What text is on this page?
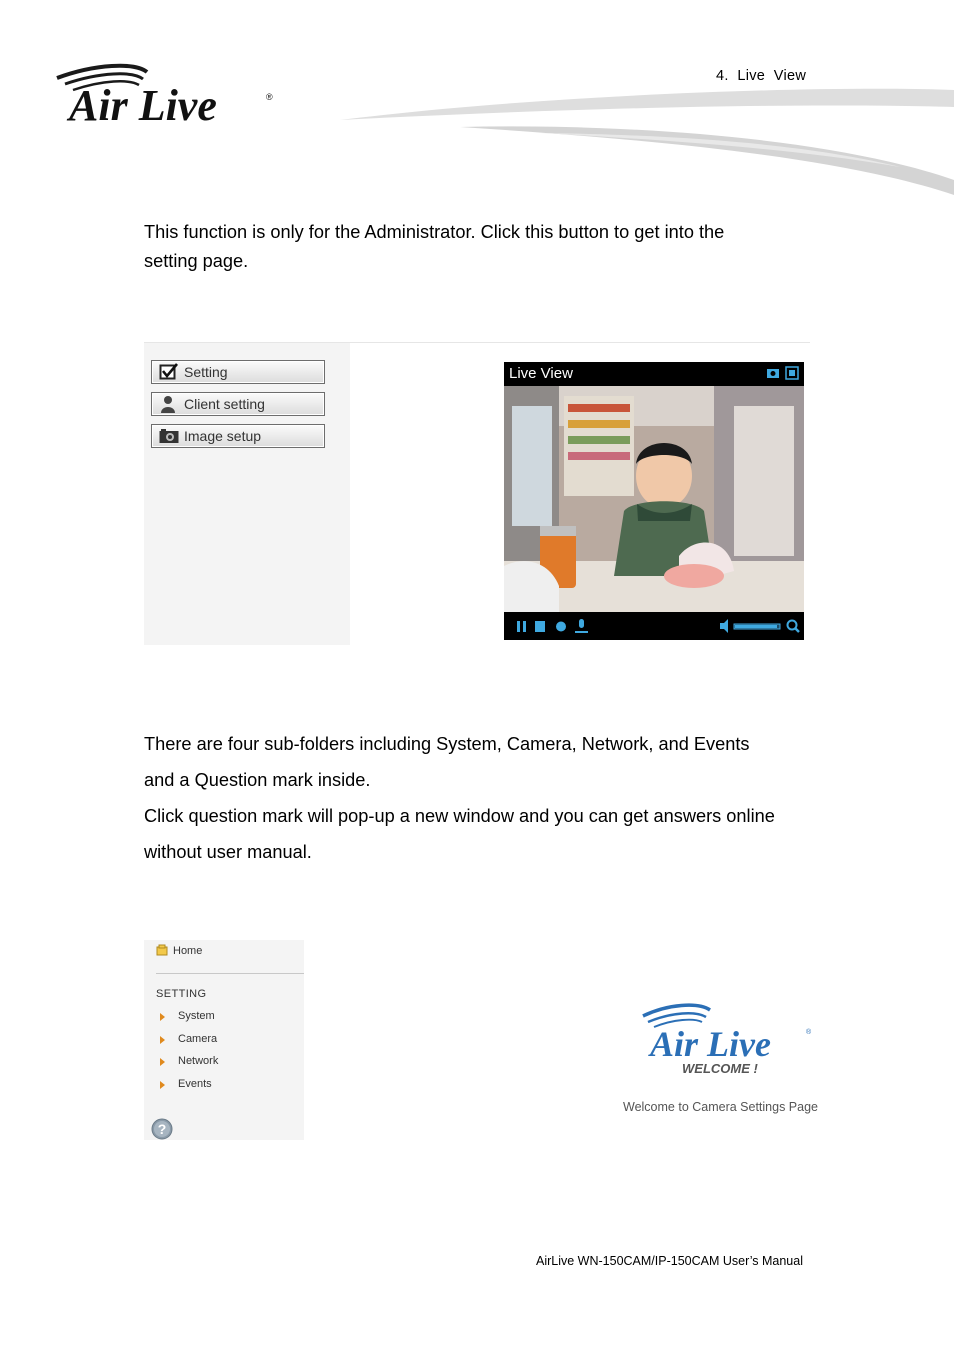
Air Live	®
4.  Live  View
This function is only for the Administrator. Click this button to get into the
setting page.
Setting
Client setting
Image setup
Live View
There are four sub-folders including System, Camera, Network, and Events
and a Question mark inside.
Click question mark will pop-up a new window and you can get answers online
without user manual.
Home
SETTING
System
Camera
Network
Events
?
Air Live	®
WELCOME !
Welcome to Camera Settings Page
AirLive WN-150CAM/IP-150CAM User’s Manual
